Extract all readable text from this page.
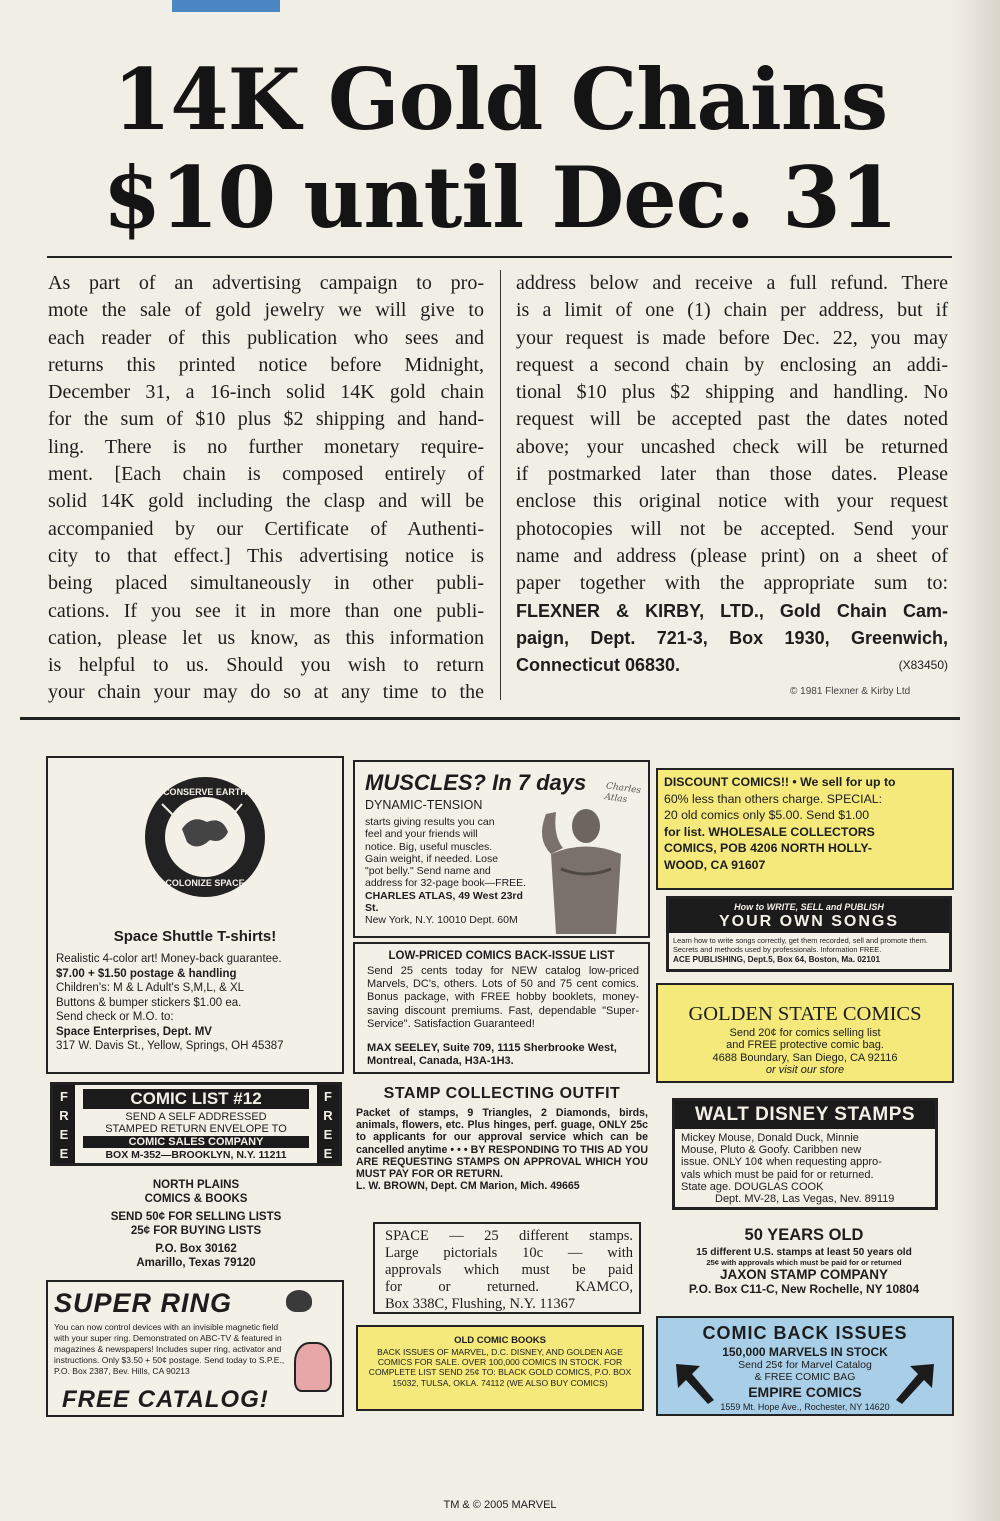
14K Gold Chains
$10 until Dec. 31
As part of an advertising campaign to pro-
mote the sale of gold jewelry we will give to
each reader of this publication who sees and
returns this printed notice before Midnight,
December 31, a 16-inch solid 14K gold chain
for the sum of $10 plus $2 shipping and hand-
ling. There is no further monetary require-
ment. [Each chain is composed entirely of
solid 14K gold including the clasp and will be
accompanied by our Certificate of Authenti-
city to that effect.] This advertising notice is
being placed simultaneously in other publi-
cations. If you see it in more than one publi-
cation, please let us know, as this information
is helpful to us. Should you wish to return
your chain your may do so at any time to the
address below and receive a full refund. There
is a limit of one (1) chain per address, but if
your request is made before Dec. 22, you may
request a second chain by enclosing an addi-
tional $10 plus $2 shipping and handling. No
request will be accepted past the dates noted
above; your uncashed check will be returned
if postmarked later than those dates. Please
enclose this original notice with your request
photocopies will not be accepted. Send your
name and address (please print) on a sheet of
paper together with the appropriate sum to:
FLEXNER & KIRBY, LTD., Gold Chain Cam-
paign, Dept. 721-3, Box 1930, Greenwich,
Connecticut 06830.	(X83450)
© 1981 Flexner & Kirby Ltd
CONSERVE EARTH
COLONIZE SPACE
Space Shuttle T-shirts!
Realistic 4-color art! Money-back guarantee.
$7.00 + $1.50 postage & handling
Children's: M & L Adult's S,M,L, & XL
Buttons & bumper stickers $1.00 ea.
Send check or M.O. to:
Space Enterprises, Dept. MV
317 W. Davis St., Yellow, Springs, OH 45387
F
R
E
E
F
R
E
E
COMIC LIST #12
SEND A SELF ADDRESSED
STAMPED RETURN ENVELOPE TO
COMIC SALES COMPANY
BOX M-352—BROOKLYN, N.Y. 11211
NORTH PLAINS
COMICS & BOOKS
SEND 50¢ FOR SELLING LISTS
25¢ FOR BUYING LISTS
P.O. Box 30162
Amarillo, Texas 79120
SUPER RING
You can now control devices with an invisible magnetic field with your super ring. Demonstrated on ABC-TV & featured in magazines & newspapers! Includes super ring, activator and instructions. Only $3.50 + 50¢ postage. Send today to S.P.E., P.O. Box 2387, Bev. Hills, CA 90213
FREE CATALOG!
MUSCLES? In 7 days
DYNAMIC-TENSION
starts giving results you can
feel and your friends will
notice. Big, useful muscles.
Gain weight, if needed. Lose
"pot belly." Send name and
address for 32-page book—FREE.
CHARLES ATLAS, 49 West 23rd St.
New York, N.Y. 10010 Dept. 60M
Charles Atlas
LOW-PRICED COMICS BACK-ISSUE LIST
Send 25 cents today for NEW catalog low-priced Marvels, DC's, others. Lots of 50 and 75 cent comics. Bonus package, with FREE hobby booklets, money-saving discount premiums. Fast, dependable "Super-Service". Satisfaction Guaranteed!
MAX SEELEY, Suite 709, 1115 Sherbrooke West, Montreal, Canada, H3A-1H3.
STAMP COLLECTING OUTFIT
Packet of stamps, 9 Triangles, 2 Diamonds, birds, animals, flowers, etc. Plus hinges, perf. guage, ONLY 25c to applicants for our approval service which can be cancelled anytime • • • BY RESPONDING TO THIS AD YOU ARE REQUESTING STAMPS ON APPROVAL WHICH YOU MUST PAY FOR OR RETURN.
L. W. BROWN, Dept. CM Marion, Mich. 49665
SPACE — 25 different stamps.
Large pictorials 10c — with
approvals which must be paid
for or returned. KAMCO,
Box 338C, Flushing, N.Y. 11367
OLD COMIC BOOKS
BACK ISSUES OF MARVEL, D.C. DISNEY, AND GOLDEN AGE COMICS FOR SALE. OVER 100,000 COMICS IN STOCK. FOR COMPLETE LIST SEND 25¢ TO: BLACK GOLD COMICS, P.O. BOX 15032, TULSA, OKLA. 74112 (WE ALSO BUY COMICS)
DISCOUNT COMICS!! • We sell for up to
60% less than others charge. SPECIAL:
20 old comics only $5.00. Send $1.00
for list. WHOLESALE COLLECTORS
COMICS, POB 4206 NORTH HOLLY-
WOOD, CA 91607
How to WRITE, SELL and PUBLISH
YOUR OWN SONGS
Learn how to write songs correctly, get them recorded, sell and promote them. Secrets and methods used by professionals. Information FREE.
ACE PUBLISHING, Dept.5, Box 64, Boston, Ma. 02101
GOLDEN STATE COMICS
Send 20¢ for comics selling list
and FREE protective comic bag.
4688 Boundary, San Diego, CA 92116
or visit our store
WALT DISNEY STAMPS
Mickey Mouse, Donald Duck, Minnie
Mouse, Pluto & Goofy. Caribben new
issue. ONLY 10¢ when requesting appro-
vals which must be paid for or returned.
State age. DOUGLAS COOK
Dept. MV-28, Las Vegas, Nev. 89119
50 YEARS OLD
15 different U.S. stamps at least 50 years old
25¢ with approvals which must be paid for or returned
JAXON STAMP COMPANY
P.O. Box C11-C, New Rochelle, NY 10804
COMIC BACK ISSUES
150,000 MARVELS IN STOCK
Send 25¢ for Marvel Catalog
& FREE COMIC BAG
EMPIRE COMICS
1559 Mt. Hope Ave., Rochester, NY 14620
TM & © 2005 MARVEL
